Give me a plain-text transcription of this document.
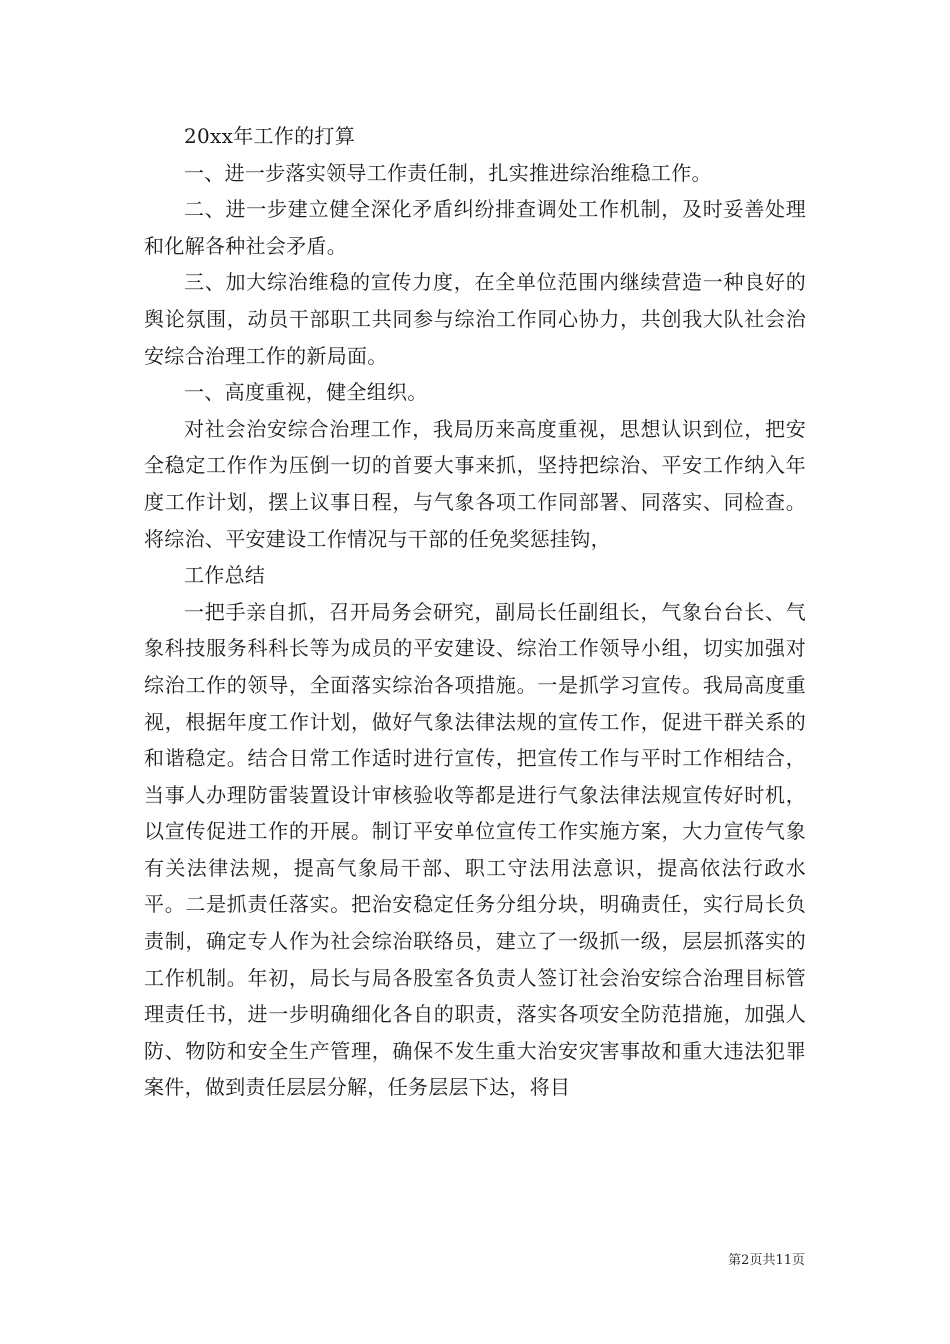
20xx年工作的打算

一、进一步落实领导工作责任制，扎实推进综治维稳工作。

二、进一步建立健全深化矛盾纠纷排查调处工作机制，及时妥善处理和化解各种社会矛盾。

三、加大综治维稳的宣传力度，在全单位范围内继续营造一种良好的舆论氛围，动员干部职工共同参与综治工作同心协力，共创我大队社会治安综合治理工作的新局面。

一、高度重视，健全组织。

对社会治安综合治理工作，我局历来高度重视，思想认识到位，把安全稳定工作作为压倒一切的首要大事来抓，坚持把综治、平安工作纳入年度工作计划，摆上议事日程，与气象各项工作同部署、同落实、同检查。将综治、平安建设工作情况与干部的任免奖惩挂钩，

工作总结

一把手亲自抓，召开局务会研究，副局长任副组长，气象台台长、气象科技服务科科长等为成员的平安建设、综治工作领导小组，切实加强对综治工作的领导，全面落实综治各项措施。一是抓学习宣传。我局高度重视，根据年度工作计划，做好气象法律法规的宣传工作，促进干群关系的和谐稳定。结合日常工作适时进行宣传，把宣传工作与平时工作相结合，当事人办理防雷装置设计审核验收等都是进行气象法律法规宣传好时机，以宣传促进工作的开展。制订平安单位宣传工作实施方案，大力宣传气象有关法律法规，提高气象局干部、职工守法用法意识，提高依法行政水平。二是抓责任落实。把治安稳定任务分组分块，明确责任，实行局长负责制，确定专人作为社会综治联络员，建立了一级抓一级，层层抓落实的工作机制。年初，局长与局各股室各负责人签订社会治安综合治理目标管理责任书，进一步明确细化各自的职责，落实各项安全防范措施，加强人防、物防和安全生产管理，确保不发生重大治安灾害事故和重大违法犯罪案件，做到责任层层分解，任务层层下达，将目

第2页共11页
